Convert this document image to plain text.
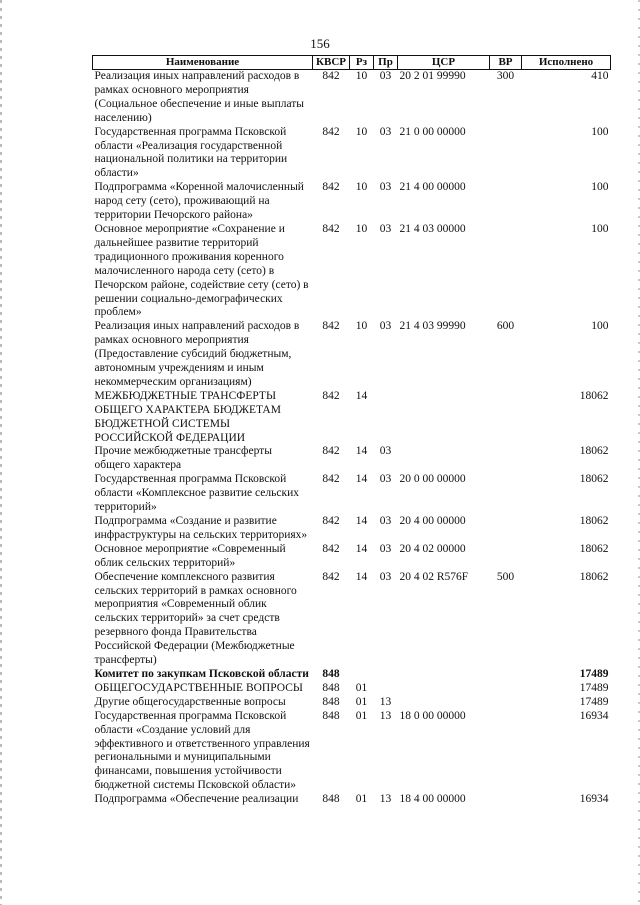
156
Наименование	КВСР	Рз	Пр	ЦСР	ВР	Исполнено
Реализация иных направлений расходов в рамках основного мероприятия (Социальное обеспечение и иные выплаты населению)	842	10	03	20 2 01 99990	300	410
Государственная программа Псковской области «Реализация государственной национальной политики на территории области»	842	10	03	21 0 00 00000		100
Подпрограмма «Коренной малочисленный народ сету (сето), проживающий на территории Печорского района»	842	10	03	21 4 00 00000		100
Основное мероприятие «Сохранение и дальнейшее развитие территорий традиционного проживания коренного малочисленного народа сету (сето) в Печорском районе, содействие сету (сето) в решении социально-демографических проблем»	842	10	03	21 4 03 00000		100
Реализация иных направлений расходов в рамках основного мероприятия (Предоставление субсидий бюджетным, автономным учреждениям и иным некоммерческим организациям)	842	10	03	21 4 03 99990	600	100
МЕЖБЮДЖЕТНЫЕ ТРАНСФЕРТЫ ОБЩЕГО ХАРАКТЕРА БЮДЖЕТАМ БЮДЖЕТНОЙ СИСТЕМЫ РОССИЙСКОЙ ФЕДЕРАЦИИ	842	14				18062
Прочие межбюджетные трансферты общего характера	842	14	03			18062
Государственная программа Псковской области «Комплексное развитие сельских территорий»	842	14	03	20 0 00 00000		18062
Подпрограмма «Создание и развитие инфраструктуры на сельских территориях»	842	14	03	20 4 00 00000		18062
Основное мероприятие «Современный облик сельских территорий»	842	14	03	20 4 02 00000		18062
Обеспечение комплексного развития сельских территорий в рамках основного мероприятия «Современный облик сельских территорий» за счет средств резервного фонда Правительства Российской Федерации (Межбюджетные трансферты)	842	14	03	20 4 02 R576F	500	18062
Комитет по закупкам Псковской области	848					17489
ОБЩЕГОСУДАРСТВЕННЫЕ ВОПРОСЫ	848	01				17489
Другие общегосударственные вопросы	848	01	13			17489
Государственная программа Псковской области «Создание условий для эффективного и ответственного управления региональными и муниципальными финансами, повышения устойчивости бюджетной системы Псковской области»	848	01	13	18 0 00 00000		16934
Подпрограмма «Обеспечение реализации	848	01	13	18 4 00 00000		16934
